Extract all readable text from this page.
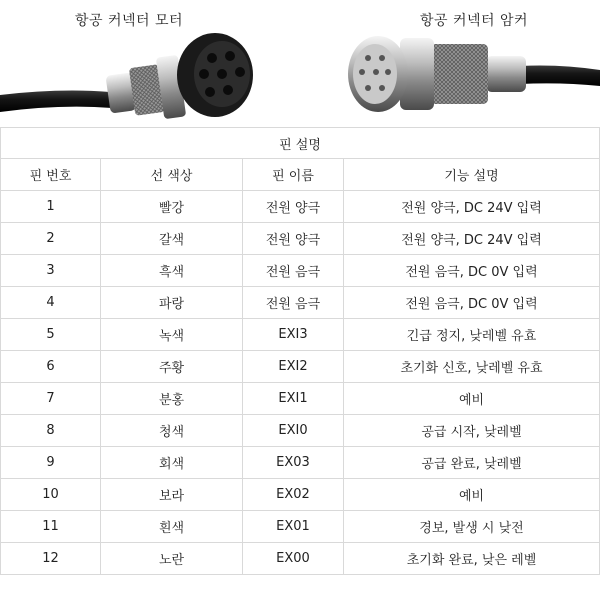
항공 커넥터 모터	항공 커넥터 암커
핀 설명			
핀 번호	선 색상	핀 이름	기능 설명
1	빨강	전원 양극	전원 양극, DC 24V 입력
2	갈색	전원 양극	전원 양극, DC 24V 입력
3	흑색	전원 음극	전원 음극, DC 0V 입력
4	파랑	전원 음극	전원 음극, DC 0V 입력
5	녹색	EXI3	긴급 정지, 낮레벨 유효
6	주황	EXI2	초기화 신호, 낮레벨 유효
7	분홍	EXI1	예비
8	청색	EXI0	공급 시작, 낮레벨
9	회색	EX03	공급 완료, 낮레벨
10	보라	EX02	예비
11	흰색	EX01	경보, 발생 시 낮전
12	노란	EX00	초기화 완료, 낮은 레벨
